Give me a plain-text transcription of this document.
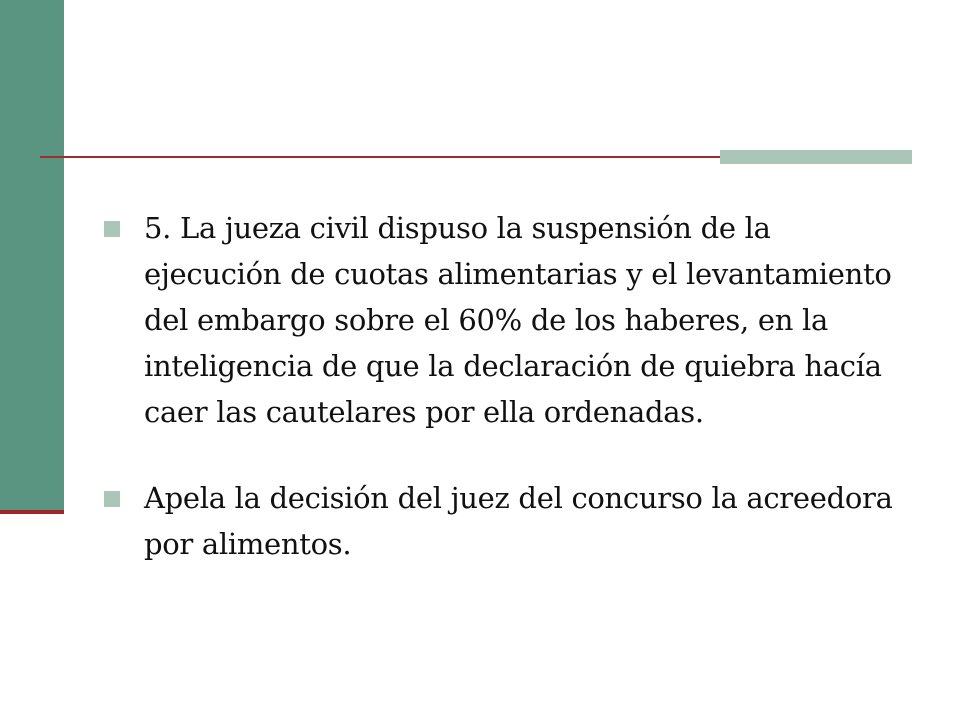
5. La jueza civil dispuso la suspensión de la ejecución de cuotas alimentarias y el levantamiento del embargo sobre el 60% de los haberes, en la inteligencia de que la declaración de quiebra hacía caer las cautelares por ella ordenadas.

Apela la decisión del juez del concurso la acreedora por alimentos.
